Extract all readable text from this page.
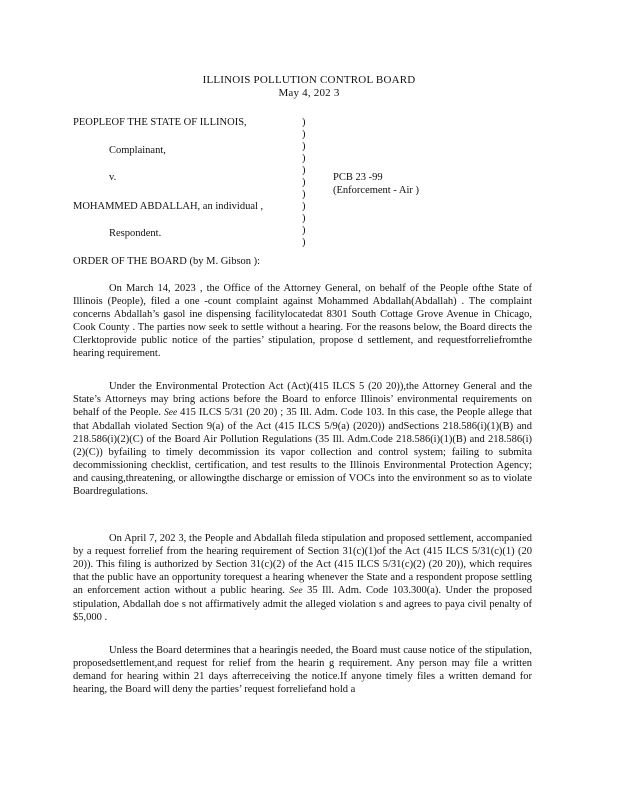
ILLINOIS POLLUTION CONTROL BOARD
May 4, 202 3
PEOPLEOF THE STATE OF ILLINOIS,
Complainant,
v.
MOHAMMED ABDALLAH, an individual ,
Respondent.
)
)
)
)
)
)
)
)
)
)
)
PCB 23 -99
(Enforcement - Air )
ORDER OF THE BOARD (by M. Gibson ):
On March 14, 2023 , the Office of the Attorney General, on behalf of the People ofthe State of Illinois (People), filed a one -count complaint against Mohammed Abdallah(Abdallah) . The complaint concerns Abdallah’s gasol ine dispensing facilitylocatedat 8301 South Cottage Grove Avenue in Chicago, Cook County . The parties now seek to settle without a hearing. For the reasons below, the Board directs the Clerktoprovide public notice of the parties’ stipulation, propose d settlement, and requestforreliefromthe hearing requirement.
Under the Environmental Protection Act (Act)(415 ILCS 5 (20 20)),the Attorney General and the State’s Attorneys may bring actions before the Board to enforce Illinois’ environmental requirements on behalf of the People. See 415 ILCS 5/31 (20 20) ; 35 Ill. Adm. Code 103. In this case, the People allege that that Abdallah violated Section 9(a) of the Act (415 ILCS 5/9(a) (2020)) andSections 218.586(i)(1)(B) and 218.586(i)(2)(C) of the Board Air Pollution Regulations (35 Ill. Adm.Code 218.586(i)(1)(B) and 218.586(i)(2)(C)) byfailing to timely decommission its vapor collection and control system; failing to submita decommissioning checklist, certification, and test results to the Illinois Environmental Protection Agency; and causing,threatening, or allowingthe discharge or emission of VOCs into the environment so as to violate Boardregulations.
On April 7, 202 3, the People and Abdallah fileda stipulation and proposed settlement, accompanied by a request forrelief from the hearing requirement of Section 31(c)(1)of the Act (415 ILCS 5/31(c)(1) (20 20)). This filing is authorized by Section 31(c)(2) of the Act (415 ILCS 5/31(c)(2) (20 20)), which requires that the public have an opportunity torequest a hearing whenever the State and a respondent propose settling an enforcement action without a public hearing. See 35 Ill. Adm. Code 103.300(a). Under the proposed stipulation, Abdallah doe s not affirmatively admit the alleged violation s and agrees to paya civil penalty of $5,000 .
Unless the Board determines that a hearingis needed, the Board must cause notice of the stipulation, proposedsettlement,and request for relief from the hearin g requirement. Any person may file a written demand for hearing within 21 days afterreceiving the notice.If anyone timely files a written demand for hearing, the Board will deny the parties’ request forreliefand hold a
